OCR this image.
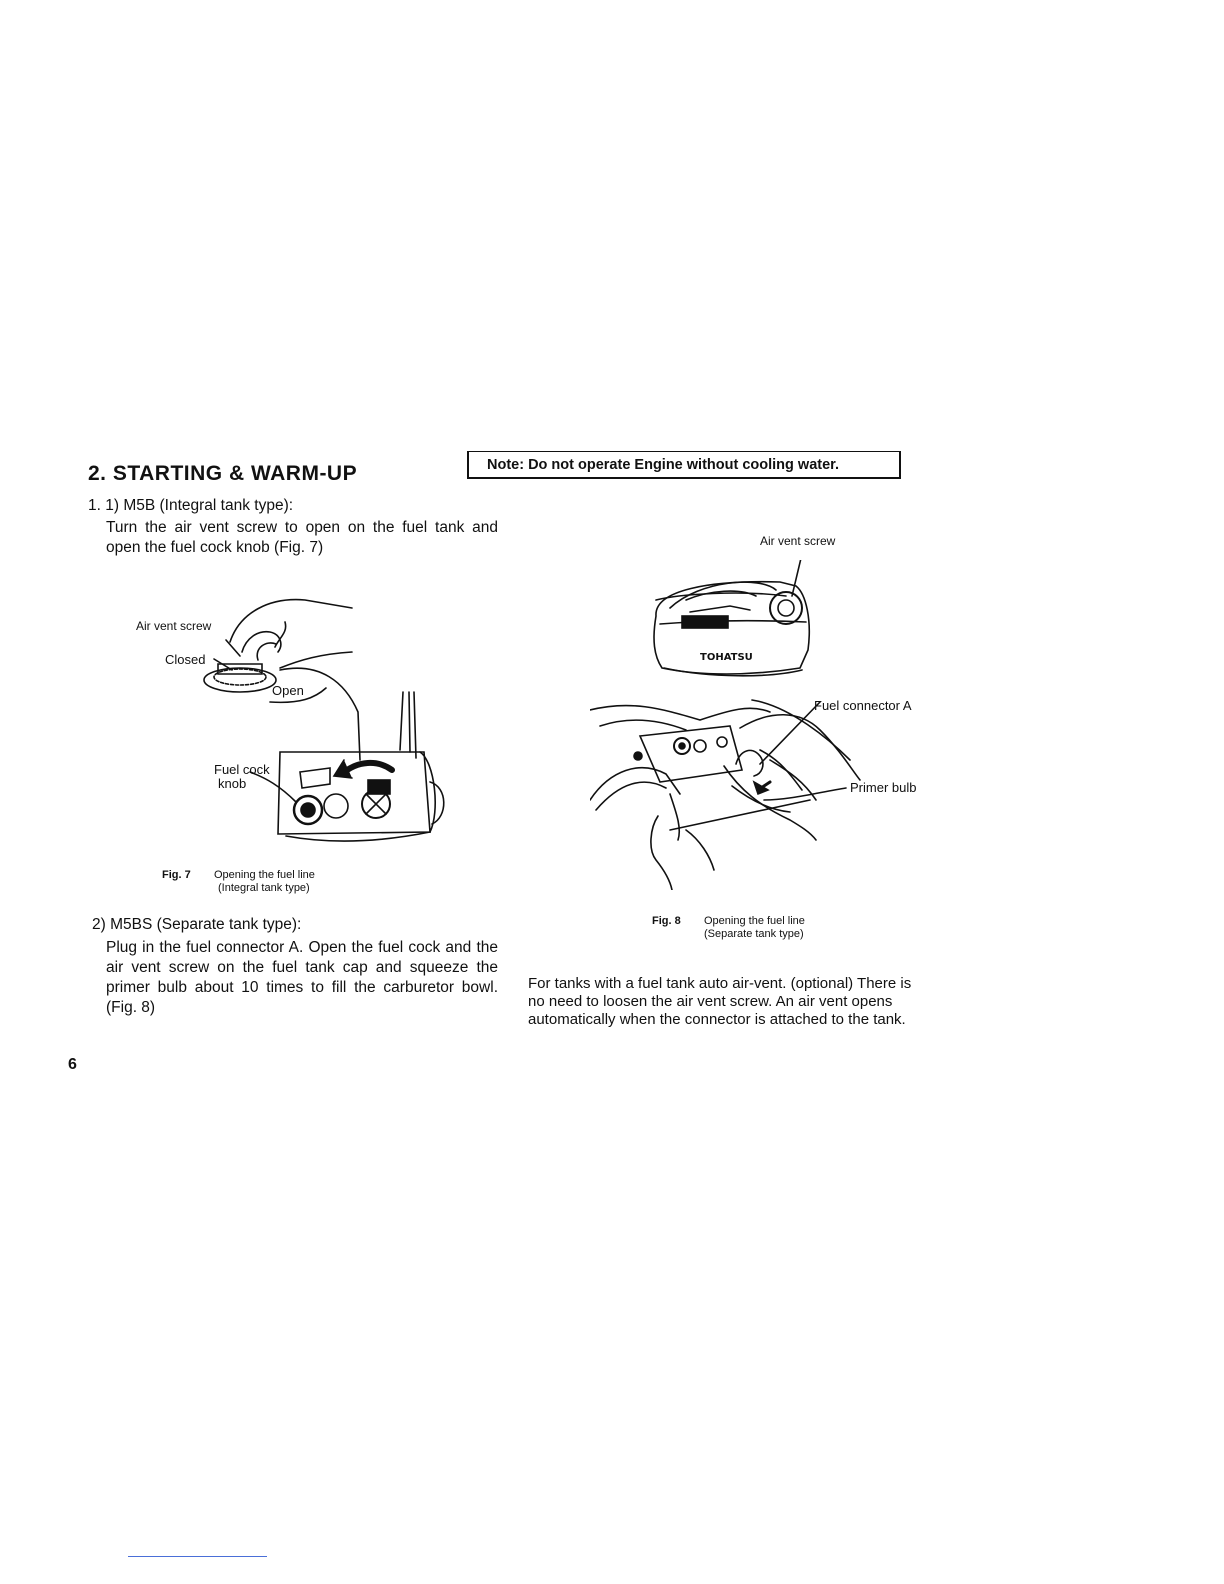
2. STARTING & WARM-UP	Note: Do not operate Engine without cooling water.
1. 1) M5B (Integral tank type):
Turn the air vent screw to open on the fuel tank and open the fuel cock knob (Fig. 7)
Air vent screw
Closed
Open
Fuel cock
knob
Fig. 7 Opening the fuel line
(Integral tank type)
2) M5BS (Separate tank type):
Plug in the fuel connector A. Open the fuel cock and the air vent screw on the fuel tank cap and squeeze the primer bulb about 10 times to fill the carburetor bowl. (Fig. 8)
TOHATSU
Air vent screw
Fuel connector A
Primer bulb
Fig. 8 Opening the fuel line
(Separate tank type)
For tanks with a fuel tank auto air-vent. (optional) There is no need to loosen the air vent screw. An air vent opens automatically when the connector is attached to the tank.
6
